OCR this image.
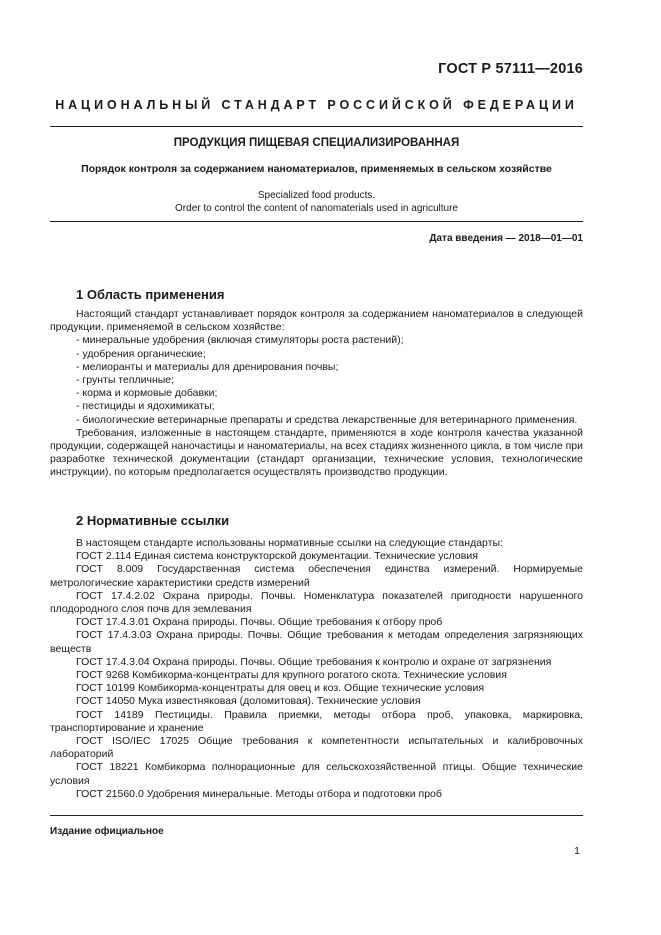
ГОСТ Р 57111—2016
НАЦИОНАЛЬНЫЙ СТАНДАРТ РОССИЙСКОЙ ФЕДЕРАЦИИ
ПРОДУКЦИЯ ПИЩЕВАЯ СПЕЦИАЛИЗИРОВАННАЯ
Порядок контроля за содержанием наноматериалов, применяемых в сельском хозяйстве
Specialized food products.
Order to control the content of nanomaterials used in agriculture
Дата введения — 2018—01—01
1 Область применения

Настоящий стандарт устанавливает порядок контроля за содержанием наноматериалов в следующей продукции, применяемой в сельском хозяйстве:

- минеральные удобрения (включая стимуляторы роста растений);

- удобрения органические;

- мелиоранты и материалы для дренирования почвы;

- грунты тепличные;

- корма и кормовые добавки;

- пестициды и ядохимикаты;

- биологические ветеринарные препараты и средства лекарственные для ветеринарного применения.

Требования, изложенные в настоящем стандарте, применяются в ходе контроля качества указанной продукции, содержащей наночастицы и наноматериалы, на всех стадиях жизненного цикла, в том числе при разработке технической документации (стандарт организации, технические условия, технологические инструкции), по которым предполагается осуществлять производство продукции.

2 Нормативные ссылки

В настоящем стандарте использованы нормативные ссылки на следующие стандарты:

ГОСТ 2.114 Единая система конструкторской документации. Технические условия

ГОСТ 8.009 Государственная система обеспечения единства измерений. Нормируемые метрологические характеристики средств измерений

ГОСТ 17.4.2.02 Охрана природы. Почвы. Номенклатура показателей пригодности нарушенного плодородного слоя почв для землевания

ГОСТ 17.4.3.01 Охрана природы. Почвы. Общие требования к отбору проб

ГОСТ 17.4.3.03 Охрана природы. Почвы. Общие требования к методам определения загрязняющих веществ

ГОСТ 17.4.3.04 Охрана природы. Почвы. Общие требования к контролю и охране от загрязнения

ГОСТ 9268 Комбикорма-концентраты для крупного рогатого скота. Технические условия

ГОСТ 10199 Комбикорма-концентраты для овец и коз. Общие технические условия

ГОСТ 14050 Мука известняковая (доломитовая). Технические условия

ГОСТ 14189 Пестициды. Правила приемки, методы отбора проб, упаковка, маркировка, транспортирование и хранение

ГОСТ ISO/IEC 17025 Общие требования к компетентности испытательных и калибровочных лабораторий

ГОСТ 18221 Комбикорма полнорационные для сельскохозяйственной птицы. Общие технические условия

ГОСТ 21560.0 Удобрения минеральные. Методы отбора и подготовки проб

Издание официальное
1
